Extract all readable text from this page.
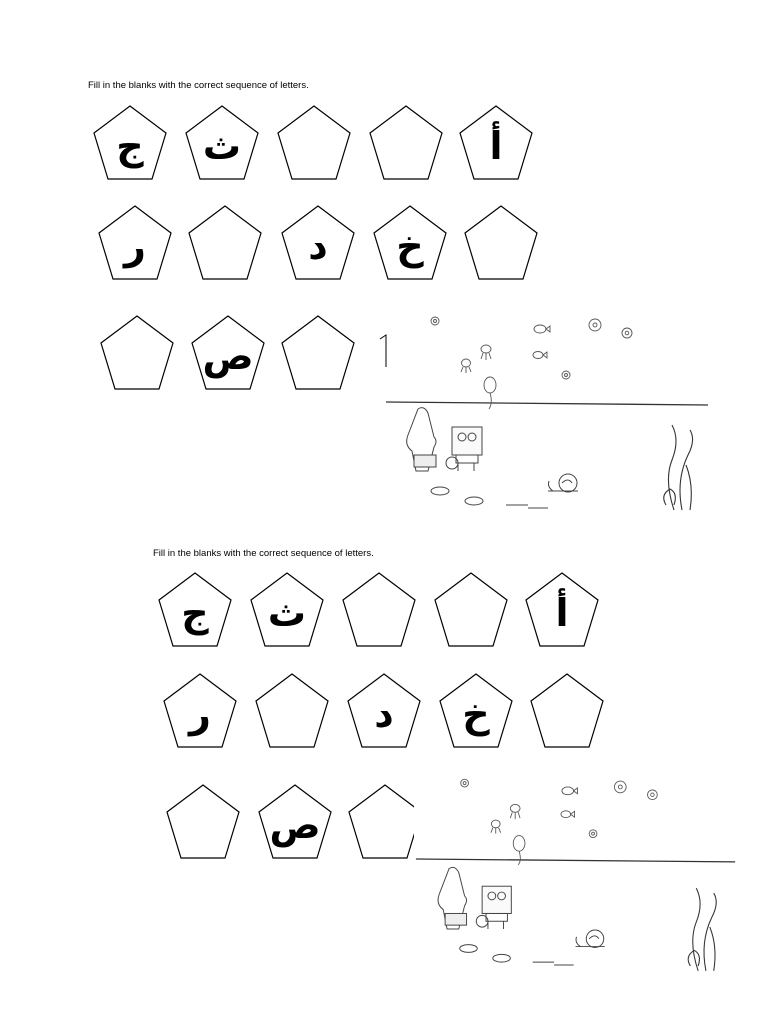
Fill in the blanks with the correct sequence of letters.
ج	ث	أ
ر	د	خ
ص
Fill in the blanks with the correct sequence of letters.
ج	ث	أ
ر	د	خ
ص
